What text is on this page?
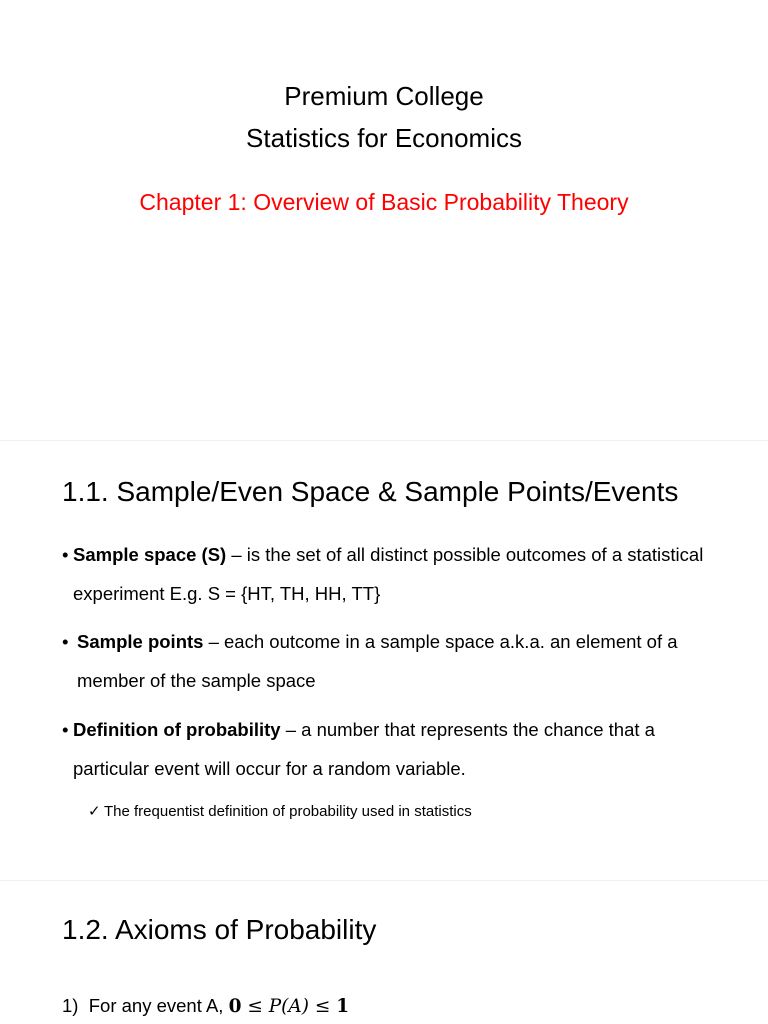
Premium College
Statistics for Economics
Chapter 1: Overview of Basic Probability Theory
1.1. Sample/Even Space & Sample Points/Events
• Sample space (S) – is the set of all distinct possible outcomes of a statistical experiment E.g. S = {HT, TH, HH, TT}
• Sample points – each outcome in a sample space a.k.a. an element of a member of the sample space
• Definition of probability – a number that represents the chance that a particular event will occur for a random variable.
✓ The frequentist definition of probability used in statistics
1.2. Axioms of Probability
1)  For any event A, 0 ≤ P(A) ≤ 1
